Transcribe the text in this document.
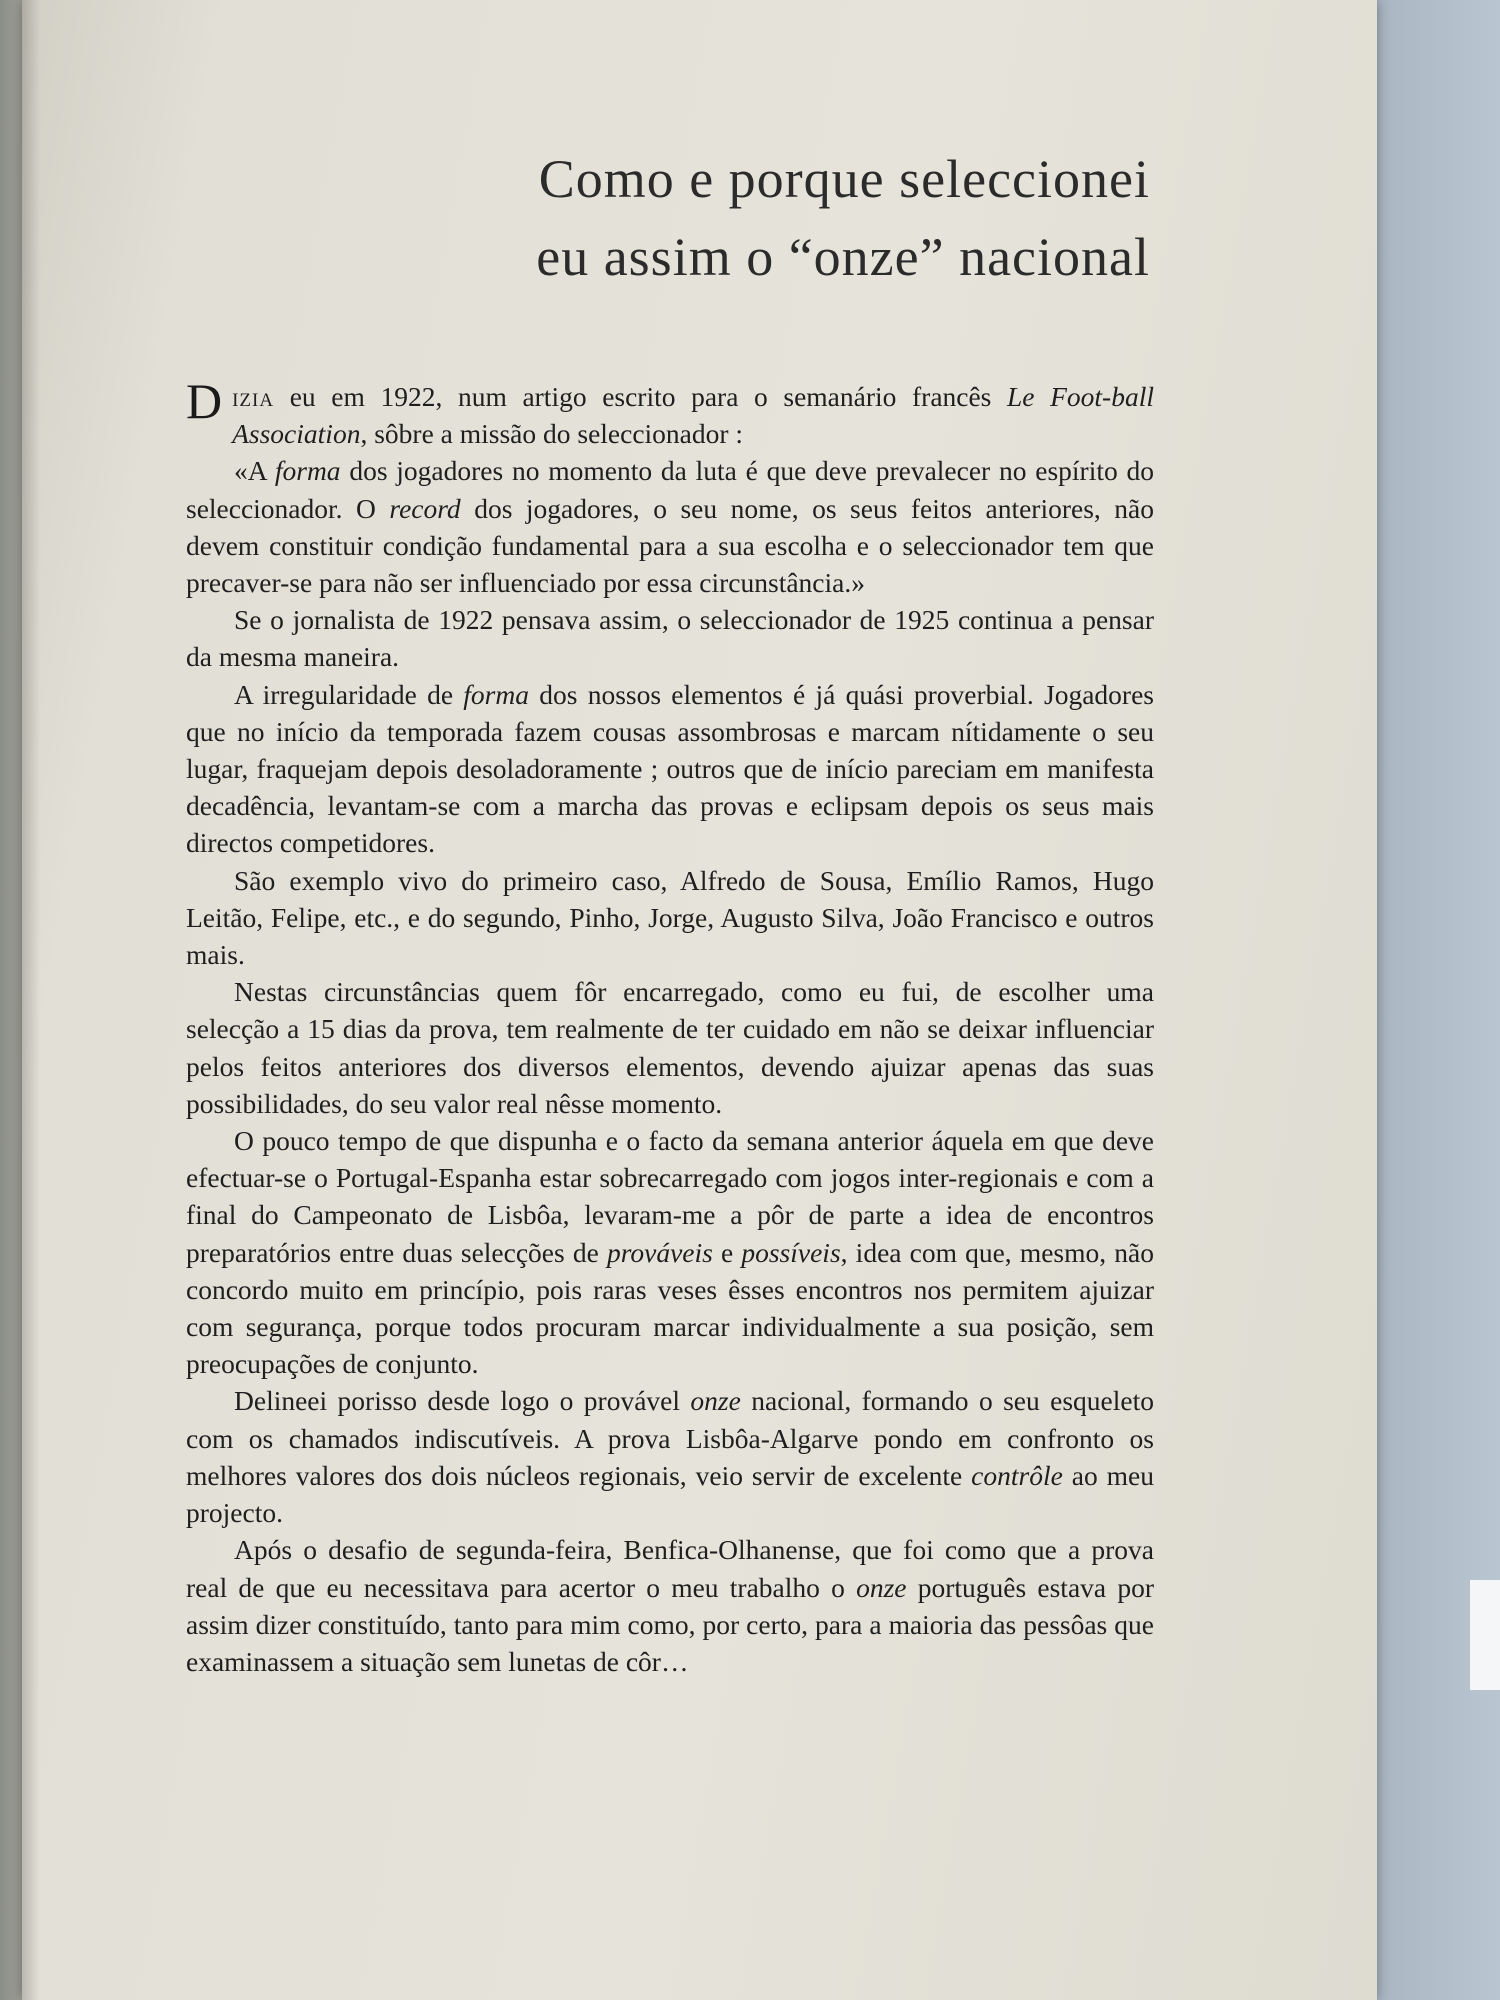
Como e porque seleccionei
eu assim o “onze” nacional

Dizia eu em 1922, num artigo escrito para o semanário francês Le Foot-ball Association, sôbre a missão do seleccionador :

«A forma dos jogadores no momento da luta é que deve prevalecer no espírito do seleccionador. O record dos jogadores, o seu nome, os seus feitos anteriores, não devem constituir condição fundamental para a sua escolha e o seleccionador tem que precaver-se para não ser influenciado por essa circunstância.»

Se o jornalista de 1922 pensava assim, o seleccionador de 1925 continua a pensar da mesma maneira.

A irregularidade de forma dos nossos elementos é já quási proverbial. Jogadores que no início da temporada fazem cousas assombrosas e marcam nítidamente o seu lugar, fraquejam depois desoladoramente ; outros que de início pareciam em manifesta decadência, levantam-se com a marcha das provas e eclipsam depois os seus mais directos competidores.

São exemplo vivo do primeiro caso, Alfredo de Sousa, Emílio Ramos, Hugo Leitão, Felipe, etc., e do segundo, Pinho, Jorge, Augusto Silva, João Francisco e outros mais.

Nestas circunstâncias quem fôr encarregado, como eu fui, de escolher uma selecção a 15 dias da prova, tem realmente de ter cuidado em não se deixar influenciar pelos feitos anteriores dos diversos elementos, devendo ajuizar apenas das suas possibilidades, do seu valor real nêsse momento.

O pouco tempo de que dispunha e o facto da semana anterior áquela em que deve efectuar-se o Portugal-Espanha estar sobrecarregado com jogos inter-regionais e com a final do Campeonato de Lisbôa, levaram-me a pôr de parte a idea de encontros preparatórios entre duas selecções de prováveis e possíveis, idea com que, mesmo, não concordo muito em princípio, pois raras veses êsses encontros nos permitem ajuizar com segurança, porque todos procuram marcar individualmente a sua posição, sem preocupações de conjunto.

Delineei porisso desde logo o provável onze nacional, formando o seu esqueleto com os chamados indiscutíveis. A prova Lisbôa-Algarve pondo em confronto os melhores valores dos dois núcleos regionais, veio servir de excelente contrôle ao meu projecto.

Após o desafio de segunda-feira, Benfica-Olhanense, que foi como que a prova real de que eu necessitava para acertor o meu trabalho o onze português estava por assim dizer constituído, tanto para mim como, por certo, para a maioria das pessôas que examinassem a situação sem lunetas de côr…
